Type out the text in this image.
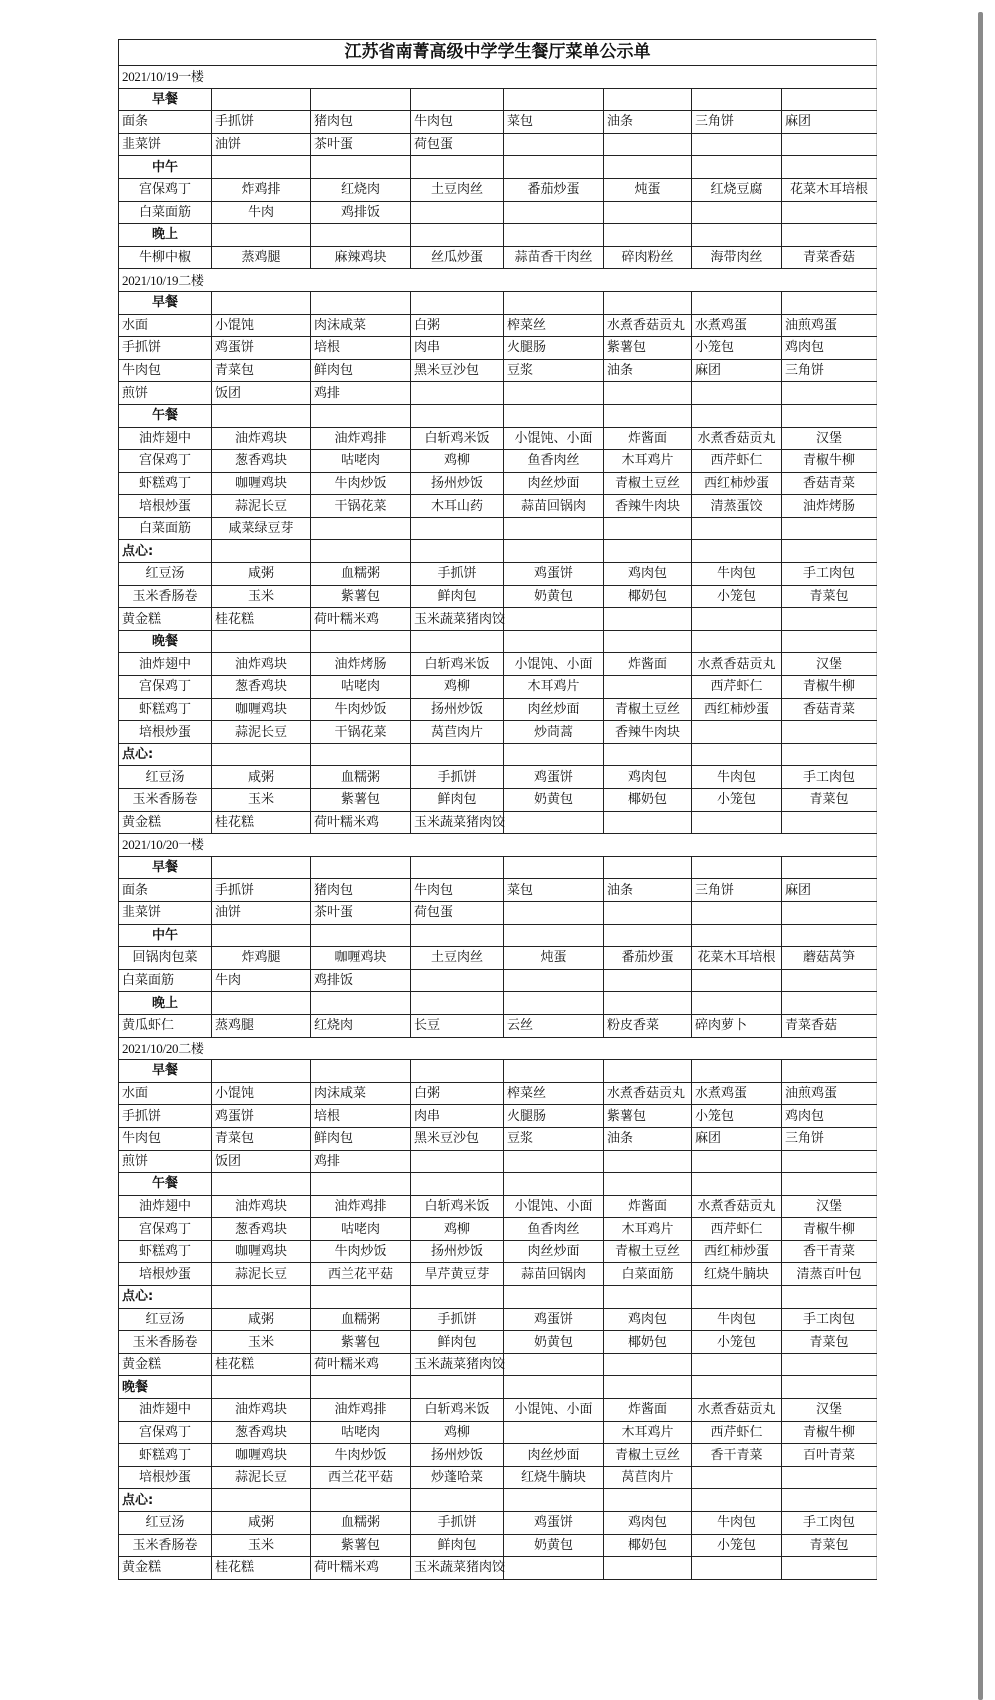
江苏省南菁高级中学学生餐厅菜单公示单							
2021/10/19一楼							
早餐							
面条	手抓饼	猪肉包	牛肉包	菜包	油条	三角饼	麻团
韭菜饼	油饼	茶叶蛋	荷包蛋				
中午							
宫保鸡丁	炸鸡排	红烧肉	土豆肉丝	番茄炒蛋	炖蛋	红烧豆腐	花菜木耳培根
白菜面筋	牛肉	鸡排饭					
晚上							
牛柳中椒	蒸鸡腿	麻辣鸡块	丝瓜炒蛋	蒜苗香干肉丝	碎肉粉丝	海带肉丝	青菜香菇
2021/10/19二楼							
早餐							
水面	小馄饨	肉沫咸菜	白粥	榨菜丝	水煮香菇贡丸	水煮鸡蛋	油煎鸡蛋
手抓饼	鸡蛋饼	培根	肉串	火腿肠	紫薯包	小笼包	鸡肉包
牛肉包	青菜包	鲜肉包	黑米豆沙包	豆浆	油条	麻团	三角饼
煎饼	饭团	鸡排					
午餐							
油炸翅中	油炸鸡块	油炸鸡排	白斩鸡米饭	小馄饨、小面	炸酱面	水煮香菇贡丸	汉堡
宫保鸡丁	葱香鸡块	咕咾肉	鸡柳	鱼香肉丝	木耳鸡片	西芹虾仁	青椒牛柳
虾糕鸡丁	咖喱鸡块	牛肉炒饭	扬州炒饭	肉丝炒面	青椒土豆丝	西红柿炒蛋	香菇青菜
培根炒蛋	蒜泥长豆	干锅花菜	木耳山药	蒜苗回锅肉	香辣牛肉块	清蒸蛋饺	油炸烤肠
白菜面筋	咸菜绿豆芽						
点心:							
红豆汤	咸粥	血糯粥	手抓饼	鸡蛋饼	鸡肉包	牛肉包	手工肉包
玉米香肠卷	玉米	紫薯包	鲜肉包	奶黄包	椰奶包	小笼包	青菜包
黄金糕	桂花糕	荷叶糯米鸡	玉米蔬菜猪肉饺				
晚餐							
油炸翅中	油炸鸡块	油炸烤肠	白斩鸡米饭	小馄饨、小面	炸酱面	水煮香菇贡丸	汉堡
宫保鸡丁	葱香鸡块	咕咾肉	鸡柳	木耳鸡片		西芹虾仁	青椒牛柳
虾糕鸡丁	咖喱鸡块	牛肉炒饭	扬州炒饭	肉丝炒面	青椒土豆丝	西红柿炒蛋	香菇青菜
培根炒蛋	蒜泥长豆	干锅花菜	莴苣肉片	炒茼蒿	香辣牛肉块		
点心:							
红豆汤	咸粥	血糯粥	手抓饼	鸡蛋饼	鸡肉包	牛肉包	手工肉包
玉米香肠卷	玉米	紫薯包	鲜肉包	奶黄包	椰奶包	小笼包	青菜包
黄金糕	桂花糕	荷叶糯米鸡	玉米蔬菜猪肉饺				
2021/10/20一楼							
早餐							
面条	手抓饼	猪肉包	牛肉包	菜包	油条	三角饼	麻团
韭菜饼	油饼	茶叶蛋	荷包蛋				
中午							
回锅肉包菜	炸鸡腿	咖喱鸡块	土豆肉丝	炖蛋	番茄炒蛋	花菜木耳培根	蘑菇莴笋
白菜面筋	牛肉	鸡排饭					
晚上							
黄瓜虾仁	蒸鸡腿	红烧肉	长豆	云丝	粉皮香菜	碎肉萝卜	青菜香菇
2021/10/20二楼							
早餐							
水面	小馄饨	肉沫咸菜	白粥	榨菜丝	水煮香菇贡丸	水煮鸡蛋	油煎鸡蛋
手抓饼	鸡蛋饼	培根	肉串	火腿肠	紫薯包	小笼包	鸡肉包
牛肉包	青菜包	鲜肉包	黑米豆沙包	豆浆	油条	麻团	三角饼
煎饼	饭团	鸡排					
午餐							
油炸翅中	油炸鸡块	油炸鸡排	白斩鸡米饭	小馄饨、小面	炸酱面	水煮香菇贡丸	汉堡
宫保鸡丁	葱香鸡块	咕咾肉	鸡柳	鱼香肉丝	木耳鸡片	西芹虾仁	青椒牛柳
虾糕鸡丁	咖喱鸡块	牛肉炒饭	扬州炒饭	肉丝炒面	青椒土豆丝	西红柿炒蛋	香干青菜
培根炒蛋	蒜泥长豆	西兰花平菇	旱芹黄豆芽	蒜苗回锅肉	白菜面筋	红烧牛腩块	清蒸百叶包
点心:							
红豆汤	咸粥	血糯粥	手抓饼	鸡蛋饼	鸡肉包	牛肉包	手工肉包
玉米香肠卷	玉米	紫薯包	鲜肉包	奶黄包	椰奶包	小笼包	青菜包
黄金糕	桂花糕	荷叶糯米鸡	玉米蔬菜猪肉饺				
晚餐							
油炸翅中	油炸鸡块	油炸鸡排	白斩鸡米饭	小馄饨、小面	炸酱面	水煮香菇贡丸	汉堡
宫保鸡丁	葱香鸡块	咕咾肉	鸡柳		木耳鸡片	西芹虾仁	青椒牛柳
虾糕鸡丁	咖喱鸡块	牛肉炒饭	扬州炒饭	肉丝炒面	青椒土豆丝	香干青菜	百叶青菜
培根炒蛋	蒜泥长豆	西兰花平菇	炒蓬哈菜	红烧牛腩块	莴苣肉片		
点心:							
红豆汤	咸粥	血糯粥	手抓饼	鸡蛋饼	鸡肉包	牛肉包	手工肉包
玉米香肠卷	玉米	紫薯包	鲜肉包	奶黄包	椰奶包	小笼包	青菜包
黄金糕	桂花糕	荷叶糯米鸡	玉米蔬菜猪肉饺				
